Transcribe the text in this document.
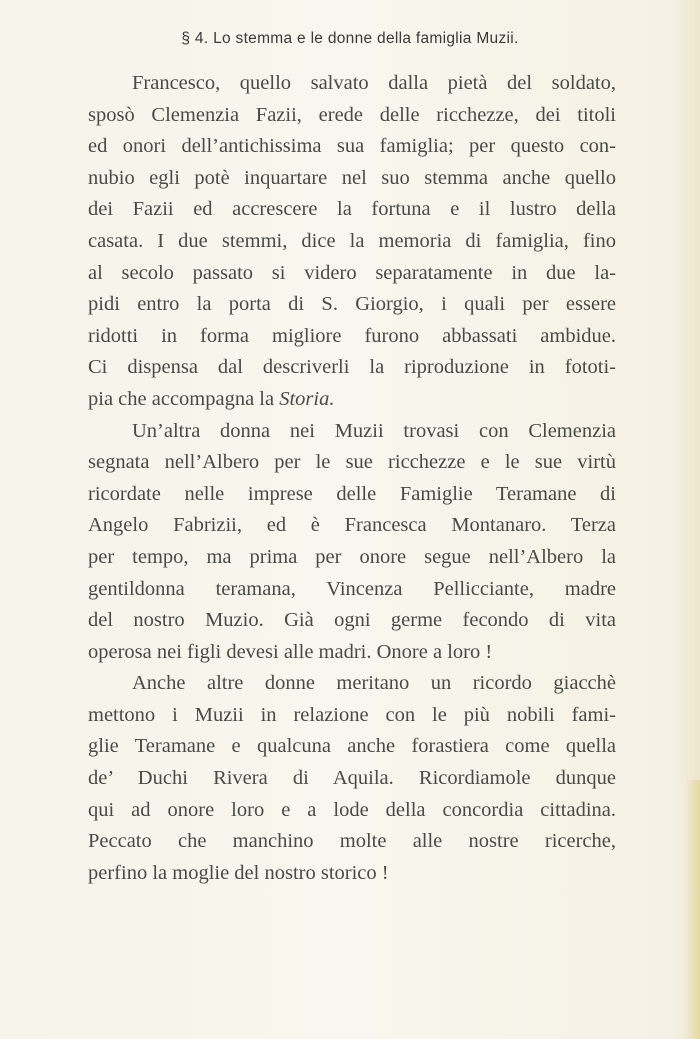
§ 4. Lo stemma e le donne della famiglia Muzii.
Francesco, quello salvato dalla pietà del soldato,
sposò Clemenzia Fazii, erede delle ricchezze, dei titoli
ed onori dell’antichissima sua famiglia; per questo con-
nubio egli potè inquartare nel suo stemma anche quello
dei Fazii ed accrescere la fortuna e il lustro della
casata. I due stemmi, dice la memoria di famiglia, fino
al secolo passato si videro separatamente in due la-
pidi entro la porta di S. Giorgio, i quali per essere
ridotti in forma migliore furono abbassati ambidue.
Ci dispensa dal descriverli la riproduzione in fototi-
pia che accompagna la Storia.
Un’altra donna nei Muzii trovasi con Clemenzia
segnata nell’Albero per le sue ricchezze e le sue virtù
ricordate nelle imprese delle Famiglie Teramane di
Angelo Fabrizii, ed è Francesca Montanaro. Terza
per tempo, ma prima per onore segue nell’Albero la
gentildonna teramana, Vincenza Pellicciante, madre
del nostro Muzio. Già ogni germe fecondo di vita
operosa nei figli devesi alle madri. Onore a loro !
Anche altre donne meritano un ricordo giacchè
mettono i Muzii in relazione con le più nobili fami-
glie Teramane e qualcuna anche forastiera come quella
de’ Duchi Rivera di Aquila. Ricordiamole dunque
qui ad onore loro e a lode della concordia cittadina.
Peccato che manchino molte alle nostre ricerche,
perfino la moglie del nostro storico !
